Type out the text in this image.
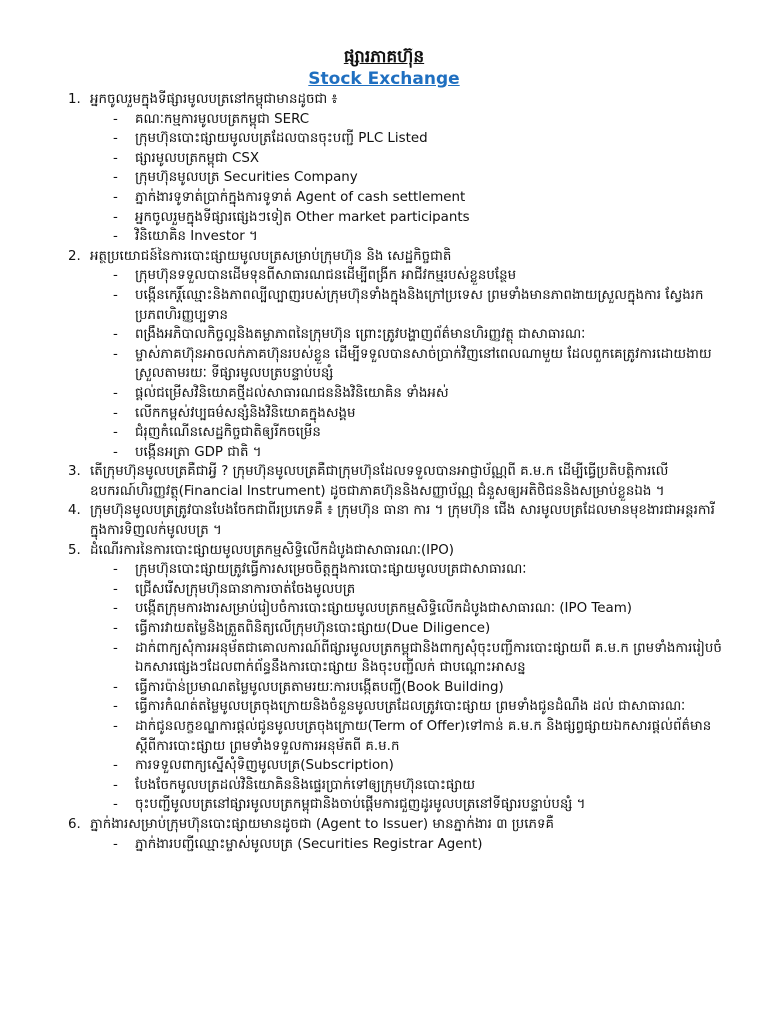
ផ្សារភាគហ៊ុន
Stock Exchange
1. អ្នកចូលរួមក្នុងទីផ្សារមូលបត្រនៅកម្ពុជាមានដូចជា ៖
- គណៈកម្មការមូលបត្រកម្ពុជា SERC
- ក្រុមហ៊ុនបោះផ្សាយមូលបត្រដែលបានចុះបញ្ជី PLC Listed
- ផ្សារមូលបត្រកម្ពុជា CSX
- ក្រុមហ៊ុនមូលបត្រ Securities Company
- ភ្នាក់ងារទូទាត់ប្រាក់ក្នុងការទូទាត់ Agent of cash settlement
- អ្នកចូលរួមក្នុងទីផ្សារផ្សេងៗទៀត Other market participants
- វិនិយោគិន Investor ។
2. អត្ថប្រយោជន៍នៃការបោះផ្សាយមូលបត្រសម្រាប់ក្រុមហ៊ុន និង សេដ្ឋកិច្ចជាតិ
- ក្រុមហ៊ុនទទួលបានដើមទុនពីសាធារណជនដើម្បីពង្រីក អាជីវកម្មរបស់ខ្លួនបន្ថែម
- បង្កើនកេរ្តិ៍ឈ្មោះនិងភាពល្បីល្បាញរបស់ក្រុមហ៊ុនទាំងក្នុងនិងក្រៅប្រទេស ព្រមទាំងមានភាពងាយស្រួលក្នុងការ ស្វែងរកប្រភពហិរញ្ញប្បទាន
- ពង្រឹងអភិបាលកិច្ចល្អនិងតម្លាភាពនៃក្រុមហ៊ុន ព្រោះត្រូវបង្ហាញព័ត៌មានហិរញ្ញវត្ថុ ជាសាធារណៈ
- ម្ចាស់ភាគហ៊ុនអាចលក់ភាគហ៊ុនរបស់ខ្លួន ដើម្បីទទួលបានសាច់ប្រាក់វិញនៅពេលណាមួយ ដែលពួកគេត្រូវការដោយងាយស្រួលតាមរយៈ ទីផ្សារមូលបត្របន្ទាប់បន្សំ
- ផ្តល់ជម្រើសវិនិយោគថ្មីដល់សាធារណជននិងវិនិយោគិន ទាំងអស់
- លើកកម្ពស់វប្បធម៌សន្សំនិងវិនិយោគក្នុងសង្គម
- ជំរុញកំណើនសេដ្ឋកិច្ចជាតិឲ្យរីកចម្រើន
- បង្កើនអត្រា GDP ជាតិ ។
3. តើក្រុមហ៊ុនមូលបត្រគឺជាអ្វី ? ក្រុមហ៊ុនមូលបត្រគឺជាក្រុមហ៊ុនដែលទទួលបានអាជ្ញាប័ណ្ណពី គ.ម.ក ដើម្បីធ្វើប្រតិបត្តិការលើឧបករណ៍ហិរញ្ញវត្ថុ(Financial Instrument) ដូចជាភាគហ៊ុននិងសញ្ញាប័ណ្ណ ជំនួសឲ្យអតិថិជននិងសម្រាប់ខ្លួនឯង ។
4. ក្រុមហ៊ុនមូលបត្រត្រូវបានបែងចែកជាពីរប្រភេទគឺ ៖ ក្រុមហ៊ុន ធានា ការ ។ ក្រុមហ៊ុន ជើង សារមូលបត្រដែលមានមុខងារជាអន្តរការីក្នុងការទិញលក់មូលបត្រ ។
5. ដំណើរការនៃការបោះផ្សាយមូលបត្រកម្មសិទ្ធិលើកដំបូងជាសាធារណៈ(IPO)
- ក្រុមហ៊ុនបោះផ្សាយត្រូវធ្វើការសម្រេចចិត្តក្នុងការបោះផ្សាយមូលបត្រជាសាធារណៈ
- ជ្រើសរើសក្រុមហ៊ុនធានាការចាត់ចែងមូលបត្រ
- បង្កើតក្រុមការងារសម្រាប់រៀបចំការបោះផ្សាយមូលបត្រកម្មសិទ្ធិលើកដំបូងជាសាធារណៈ (IPO Team)
- ធ្វើការវាយតម្លៃនិងត្រួតពិនិត្យលើក្រុមហ៊ុនបោះផ្សាយ(Due Diligence)
- ដាក់ពាក្យសុំការអនុម័តជាគោលការណ៍ពីផ្សារមូលបត្រកម្ពុជានិងពាក្យសុំចុះបញ្ជីការបោះផ្សាយពី គ.ម.ក ព្រមទាំងការរៀបចំឯកសារផ្សេងៗដែលពាក់ព័ន្ធនឹងការបោះផ្សាយ និងចុះបញ្ជីលក់ ជាបណ្តោះអាសន្ន
- ធ្វើការប៉ាន់ប្រមាណតម្លៃមូលបត្រតាមរយៈការបង្កើតបញ្ជី(Book Building)
- ធ្វើការកំណត់តម្លៃមូលបត្រចុងក្រោយនិងចំនួនមូលបត្រដែលត្រូវបោះផ្សាយ ព្រមទាំងជូនដំណឹង ដល់ ជាសាធារណៈ
- ដាក់ជូនលក្ខខណ្ឌការផ្តល់ជូនមូលបត្រចុងក្រោយ(Term of Offer)ទៅកាន់ គ.ម.ក និងផ្សព្វផ្សាយឯកសារផ្តល់ព័ត៌មានស្តីពីការបោះផ្សាយ ព្រមទាំងទទួលការអនុម័តពី គ.ម.ក
- ការទទួលពាក្យស្នើសុំទិញមូលបត្រ(Subscription)
- បែងចែកមូលបត្រដល់វិនិយោគិននិងផ្ទេរប្រាក់ទៅឲ្យក្រុមហ៊ុនបោះផ្សាយ
- ចុះបញ្ជីមូលបត្រនៅផ្សារមូលបត្រកម្ពុជានិងចាប់ផ្តើមការជួញដូរមូលបត្រនៅទីផ្សារបន្ទាប់បន្សំ ។
6. ភ្នាក់ងារសម្រាប់ក្រុមហ៊ុនបោះផ្សាយមានដូចជា (Agent to Issuer) មានភ្នាក់ងារ ៣ ប្រភេទគឺ
- ភ្នាក់ងារបញ្ជីឈ្មោះម្ចាស់មូលបត្រ (Securities Registrar Agent)
